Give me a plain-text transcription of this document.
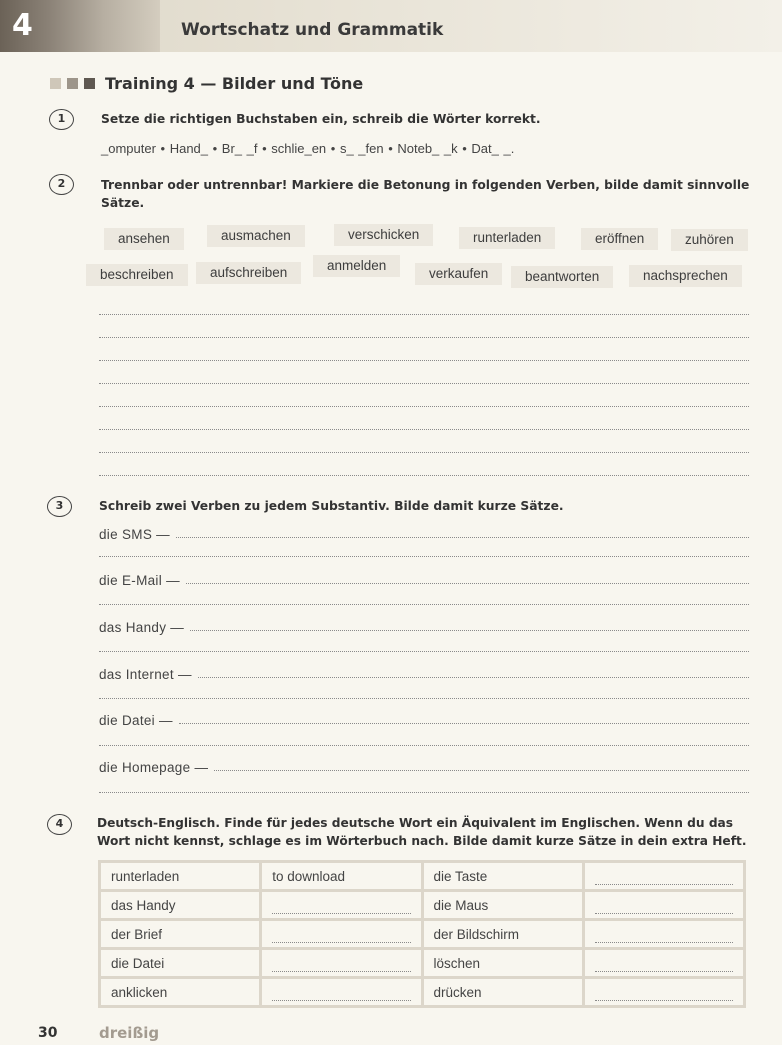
4	Wortschatz und Grammatik
Training 4 — Bilder und Töne
1	Setze die richtigen Buchstaben ein, schreib die Wörter korrekt.
_omputer • Hand_ • Br_ _f • schlie_en • s_ _fen • Noteb_ _k • Dat_ _.
2	Trennbar oder untrennbar! Markiere die Betonung in folgenden Verben, bilde damit sinnvolle
Sätze.
ansehen	ausmachen	verschicken	runterladen	eröffnen	zuhören
beschreiben	aufschreiben	anmelden
verkaufen	beantworten	nachsprechen
3	Schreib zwei Verben zu jedem Substantiv. Bilde damit kurze Sätze.
die SMS —
die E-Mail —
das Handy —
das Internet —
die Datei —
die Homepage —
4	Deutsch-Englisch. Finde für jedes deutsche Wort ein Äquivalent im Englischen. Wenn du das
Wort nicht kennst, schlage es im Wörterbuch nach. Bilde damit kurze Sätze in dein extra Heft.
runterladen	to download	die Taste	

das Handy		die Maus	

der Brief		der Bildschirm	

die Datei		löschen	

anklicken		drücken	
30	dreißig
